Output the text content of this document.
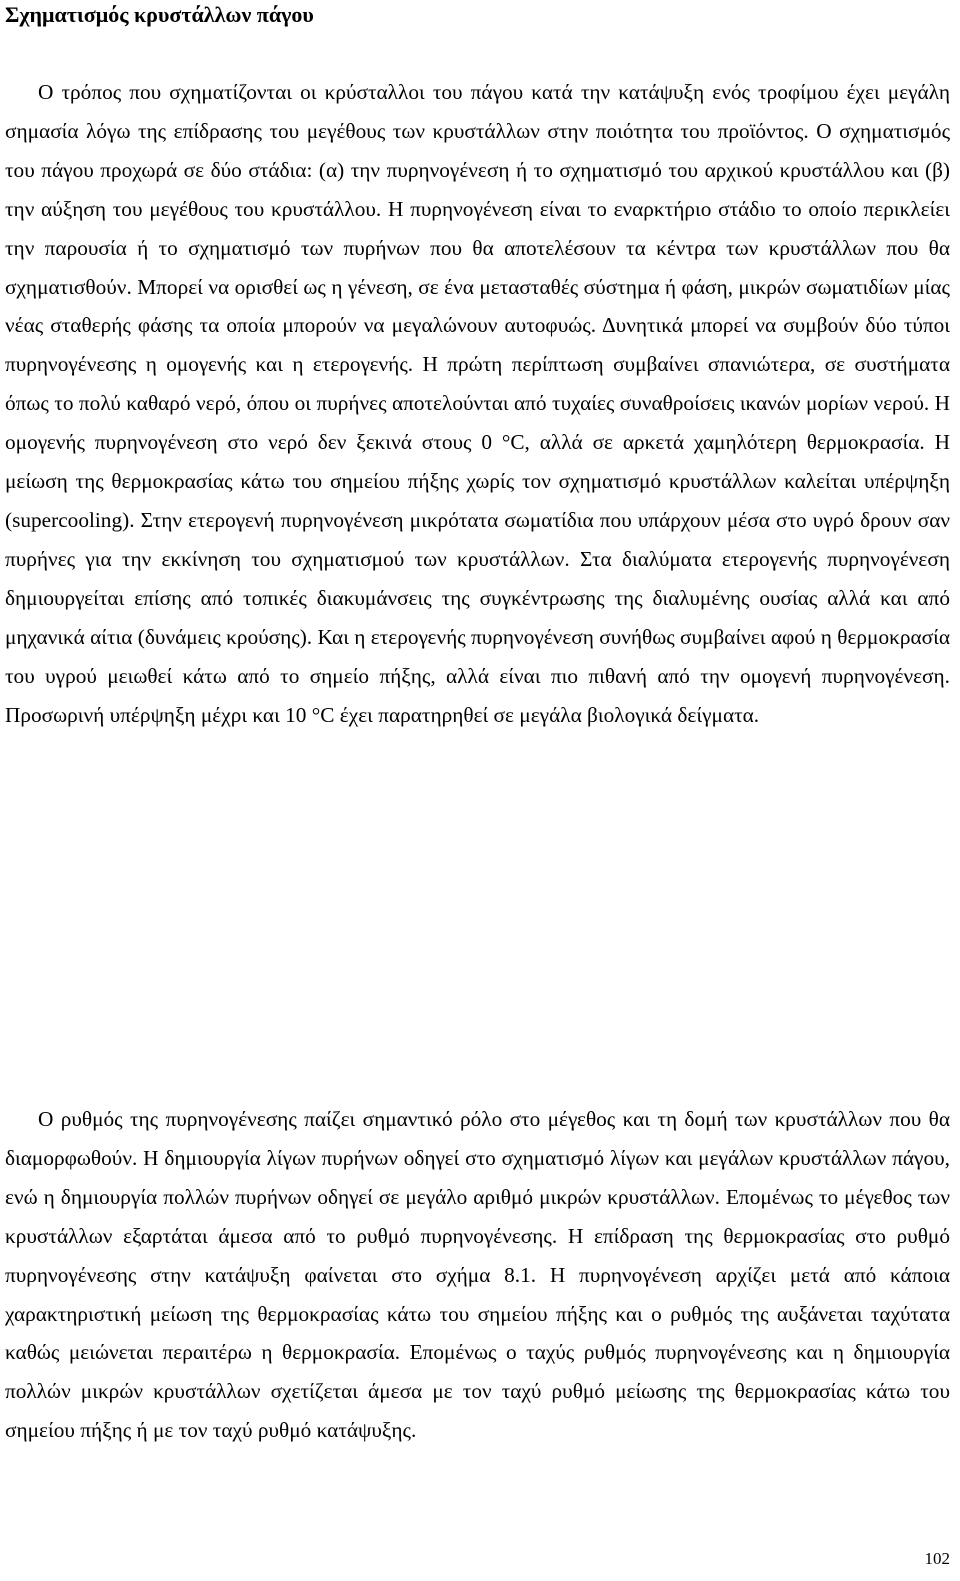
Σχηματισμός κρυστάλλων πάγου

Ο τρόπος που σχηματίζονται οι κρύσταλλοι του πάγου κατά την κατάψυξη ενός τροφίμου έχει μεγάλη σημασία λόγω της επίδρασης του μεγέθους των κρυστάλλων στην ποιότητα του προϊόντος. Ο σχηματισμός του πάγου προχωρά σε δύο στάδια: (α) την πυρηνογένεση ή το σχηματισμό του αρχικού κρυστάλλου και (β) την αύξηση του μεγέθους του κρυστάλλου. Η πυρηνογένεση είναι το εναρκτήριο στάδιο το οποίο περικλείει την παρουσία ή το σχηματισμό των πυρήνων που θα αποτελέσουν τα κέντρα των κρυστάλλων που θα σχηματισθούν. Μπορεί να ορισθεί ως η γένεση, σε ένα μετασταθές σύστημα ή φάση, μικρών σωματιδίων μίας νέας σταθερής φάσης τα οποία μπορούν να μεγαλώνουν αυτοφυώς. Δυνητικά μπορεί να συμβούν δύο τύποι πυρηνογένεσης η ομογενής και η ετερογενής. Η πρώτη περίπτωση συμβαίνει σπανιώτερα, σε συστήματα όπως το πολύ καθαρό νερό, όπου οι πυρήνες αποτελούνται από τυχαίες συναθροίσεις ικανών μορίων νερού. Η ομογενής πυρηνογένεση στο νερό δεν ξεκινά στους 0 °C, αλλά σε αρκετά χαμηλότερη θερμοκρασία. Η μείωση της θερμοκρασίας κάτω του σημείου πήξης χωρίς τον σχηματισμό κρυστάλλων καλείται υπέρψηξη (supercooling). Στην ετερογενή πυρηνογένεση μικρότατα σωματίδια που υπάρχουν μέσα στο υγρό δρουν σαν πυρήνες για την εκκίνηση του σχηματισμού των κρυστάλλων. Στα διαλύματα ετερογενής πυρηνογένεση δημιουργείται επίσης από τοπικές διακυμάνσεις της συγκέντρωσης της διαλυμένης ουσίας αλλά και από μηχανικά αίτια (δυνάμεις κρούσης). Και η ετερογενής πυρηνογένεση συνήθως συμβαίνει αφού η θερμοκρασία του υγρού μειωθεί κάτω από το σημείο πήξης, αλλά είναι πιο πιθανή από την ομογενή πυρηνογένεση. Προσωρινή υπέρψηξη μέχρι και 10 °C έχει παρατηρηθεί σε μεγάλα βιολογικά δείγματα.

Ο ρυθμός της πυρηνογένεσης παίζει σημαντικό ρόλο στο μέγεθος και τη δομή των κρυστάλλων που θα διαμορφωθούν. Η δημιουργία λίγων πυρήνων οδηγεί στο σχηματισμό λίγων και μεγάλων κρυστάλλων πάγου, ενώ η δημιουργία πολλών πυρήνων οδηγεί σε μεγάλο αριθμό μικρών κρυστάλλων. Επομένως το μέγεθος των κρυστάλλων εξαρτάται άμεσα από το ρυθμό πυρηνογένεσης. Η επίδραση της θερμοκρασίας στο ρυθμό πυρηνογένεσης στην κατάψυξη φαίνεται στο σχήμα 8.1. Η πυρηνογένεση αρχίζει μετά από κάποια χαρακτηριστική μείωση της θερμοκρασίας κάτω του σημείου πήξης και ο ρυθμός της αυξάνεται ταχύτατα καθώς μειώνεται περαιτέρω η θερμοκρασία. Επομένως ο ταχύς ρυθμός πυρηνογένεσης και η δημιουργία πολλών μικρών κρυστάλλων σχετίζεται άμεσα με τον ταχύ ρυθμό μείωσης της θερμοκρασίας κάτω του σημείου πήξης ή με τον ταχύ ρυθμό κατάψυξης.

102
